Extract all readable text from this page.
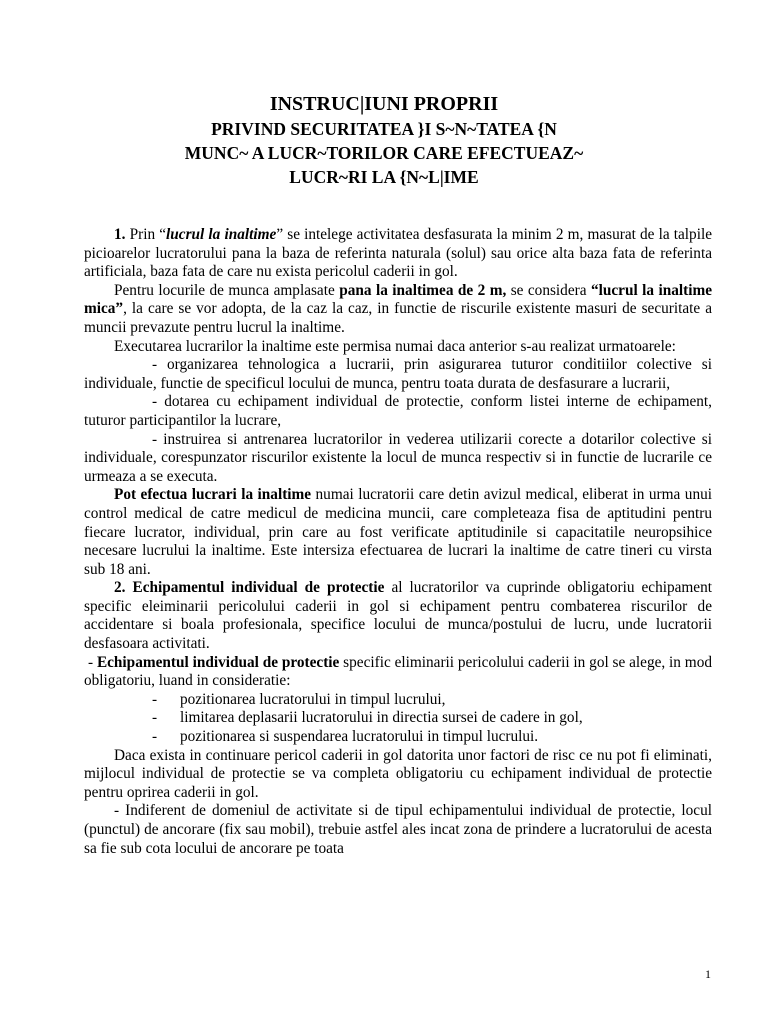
INSTRUC|IUNI PROPRII
PRIVIND SECURITATEA }I S~N~TATEA {N
MUNC~ A LUCR~TORILOR CARE EFECTUEAZ~
LUCR~RI LA {N~L|IME

1. Prin “lucrul la inaltime” se intelege activitatea desfasurata la minim 2 m, masurat de la talpile picioarelor lucratorului pana la baza de referinta naturala (solul) sau orice alta baza fata de referinta artificiala, baza fata de care nu exista pericolul caderii in gol.

Pentru locurile de munca amplasate pana la inaltimea de 2 m, se considera “lucrul la inaltime mica”, la care se vor adopta, de la caz la caz, in functie de riscurile existente masuri de securitate a muncii prevazute pentru lucrul la inaltime.

Executarea lucrarilor la inaltime este permisa numai daca anterior s-au realizat urmatoarele:

- organizarea tehnologica a lucrarii, prin asigurarea tuturor conditiilor colective si individuale, functie de specificul locului de munca, pentru toata durata de desfasurare a lucrarii,

- dotarea cu echipament individual de protectie, conform listei interne de echipament, tuturor participantilor la lucrare,

- instruirea si antrenarea lucratorilor in vederea utilizarii corecte a dotarilor colective si individuale, corespunzator riscurilor existente la locul de munca respectiv si in functie de lucrarile ce urmeaza a se executa.

Pot efectua lucrari la inaltime numai lucratorii care detin avizul medical, eliberat in urma unui control medical de catre medicul de medicina muncii, care completeaza fisa de aptitudini pentru fiecare lucrator, individual, prin care au fost verificate aptitudinile si capacitatile neuropsihice necesare lucrului la inaltime. Este intersiza efectuarea de lucrari la inaltime de catre tineri cu virsta sub 18 ani.

2. Echipamentul individual de protectie al lucratorilor va cuprinde obligatoriu echipament specific eleiminarii pericolului caderii in gol si echipament pentru combaterea riscurilor de accidentare si boala profesionala, specifice locului de munca/postului de lucru, unde lucratorii desfasoara activitati.

- Echipamentul individual de protectie specific eliminarii pericolului caderii in gol se alege, in mod obligatoriu, luand in consideratie:

- pozitionarea lucratorului in timpul lucrului,

- limitarea deplasarii lucratorului in directia sursei de cadere in gol,

- pozitionarea si suspendarea lucratorului in timpul lucrului.

Daca exista in continuare pericol caderii in gol datorita unor factori de risc ce nu pot fi eliminati, mijlocul individual de protectie se va completa obligatoriu cu echipament individual de protectie pentru oprirea caderii in gol.

- Indiferent de domeniul de activitate si de tipul echipamentului individual de protectie, locul (punctul) de ancorare (fix sau mobil), trebuie astfel ales incat zona de prindere a lucratorului de acesta sa fie sub cota locului de ancorare pe toata

1
